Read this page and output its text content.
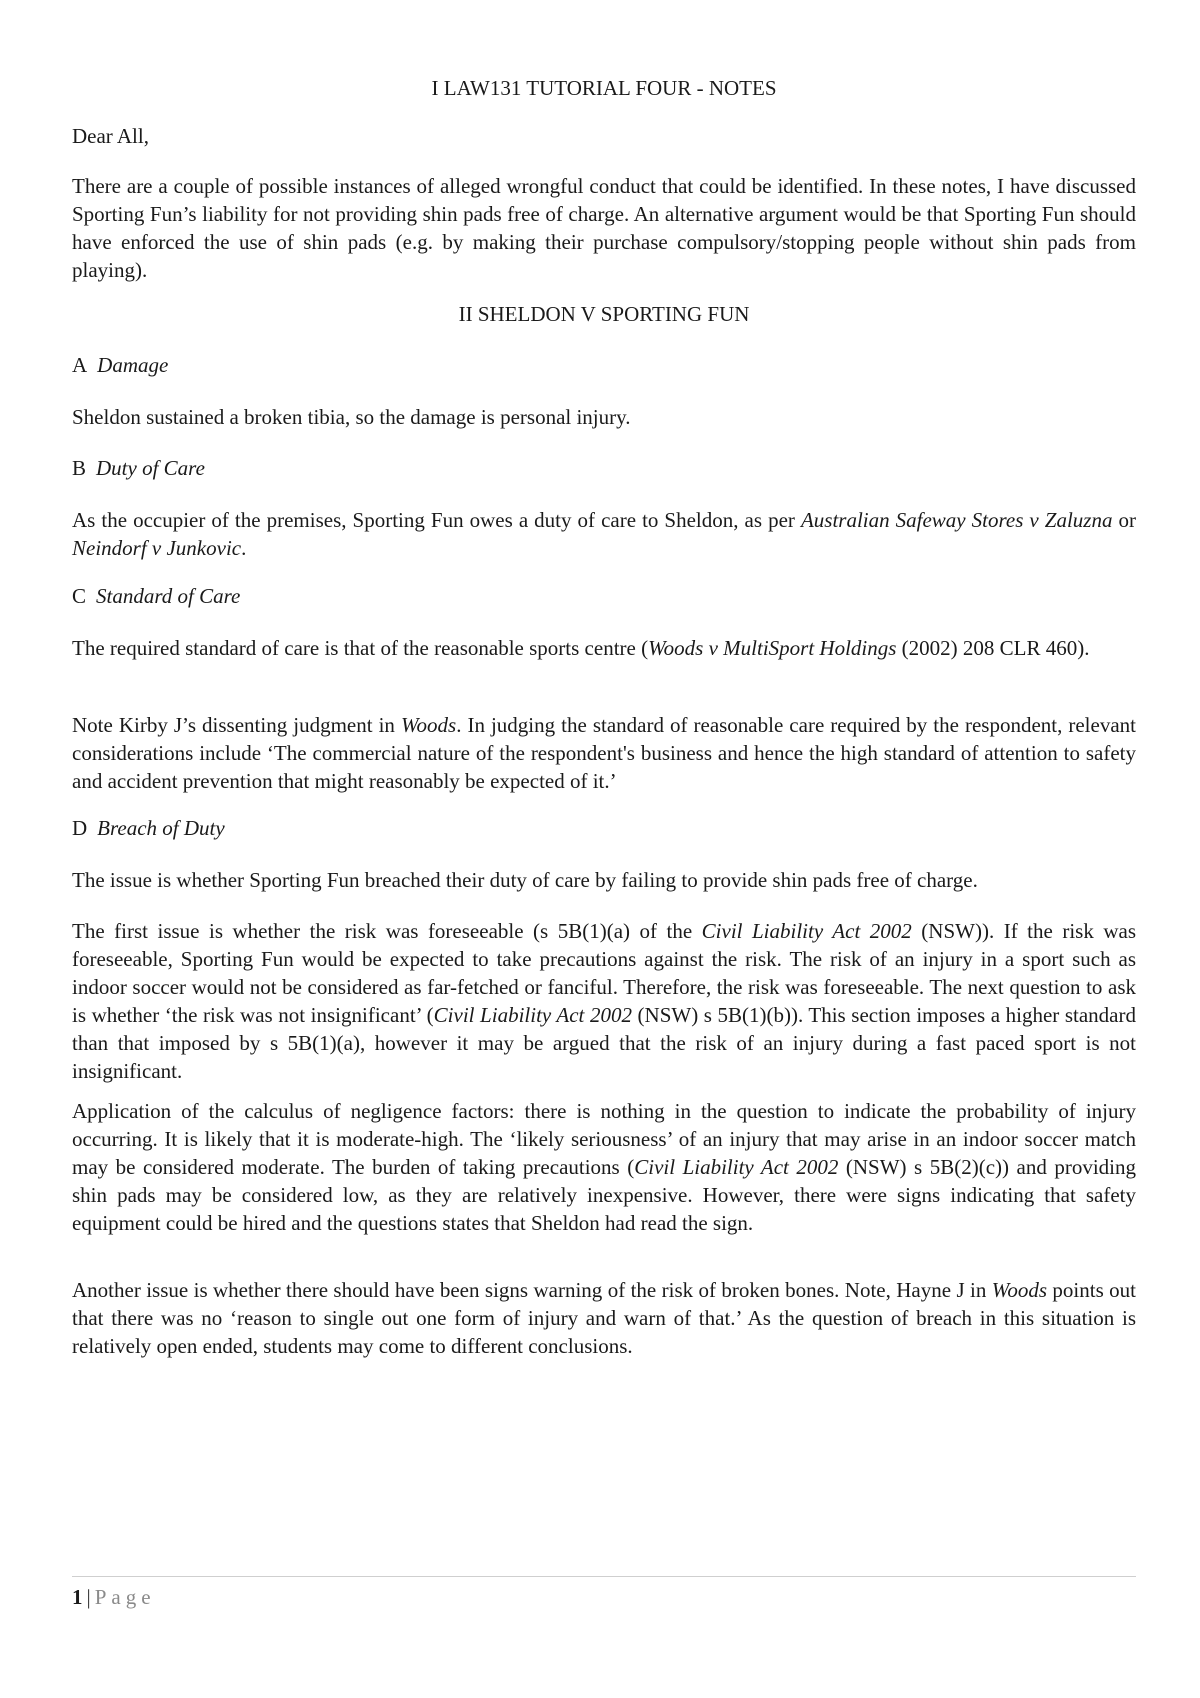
I LAW131 TUTORIAL FOUR - NOTES

Dear All,

There are a couple of possible instances of alleged wrongful conduct that could be identified. In these notes, I have discussed Sporting Fun’s liability for not providing shin pads free of charge. An alternative argument would be that Sporting Fun should have enforced the use of shin pads (e.g. by making their purchase compulsory/stopping people without shin pads from playing).

II SHELDON V SPORTING FUN
A Damage

Sheldon sustained a broken tibia, so the damage is personal injury.

B Duty of Care

As the occupier of the premises, Sporting Fun owes a duty of care to Sheldon, as per Australian Safeway Stores v Zaluzna or Neindorf v Junkovic.

C Standard of Care

The required standard of care is that of the reasonable sports centre (Woods v MultiSport Holdings (2002) 208 CLR 460).

Note Kirby J’s dissenting judgment in Woods. In judging the standard of reasonable care required by the respondent, relevant considerations include ‘The commercial nature of the respondent's business and hence the high standard of attention to safety and accident prevention that might reasonably be expected of it.’

D Breach of Duty

The issue is whether Sporting Fun breached their duty of care by failing to provide shin pads free of charge.

The first issue is whether the risk was foreseeable (s 5B(1)(a) of the Civil Liability Act 2002 (NSW)). If the risk was foreseeable, Sporting Fun would be expected to take precautions against the risk. The risk of an injury in a sport such as indoor soccer would not be considered as far-fetched or fanciful. Therefore, the risk was foreseeable. The next question to ask is whether ‘the risk was not insignificant’ (Civil Liability Act 2002 (NSW) s 5B(1)(b)). This section imposes a higher standard than that imposed by s 5B(1)(a), however it may be argued that the risk of an injury during a fast paced sport is not insignificant.

Application of the calculus of negligence factors: there is nothing in the question to indicate the probability of injury occurring. It is likely that it is moderate-high. The ‘likely seriousness’ of an injury that may arise in an indoor soccer match may be considered moderate. The burden of taking precautions (Civil Liability Act 2002 (NSW) s 5B(2)(c)) and providing shin pads may be considered low, as they are relatively inexpensive. However, there were signs indicating that safety equipment could be hired and the questions states that Sheldon had read the sign.

Another issue is whether there should have been signs warning of the risk of broken bones. Note, Hayne J in Woods points out that there was no ‘reason to single out one form of injury and warn of that.’ As the question of breach in this situation is relatively open ended, students may come to different conclusions.

1 | Page
